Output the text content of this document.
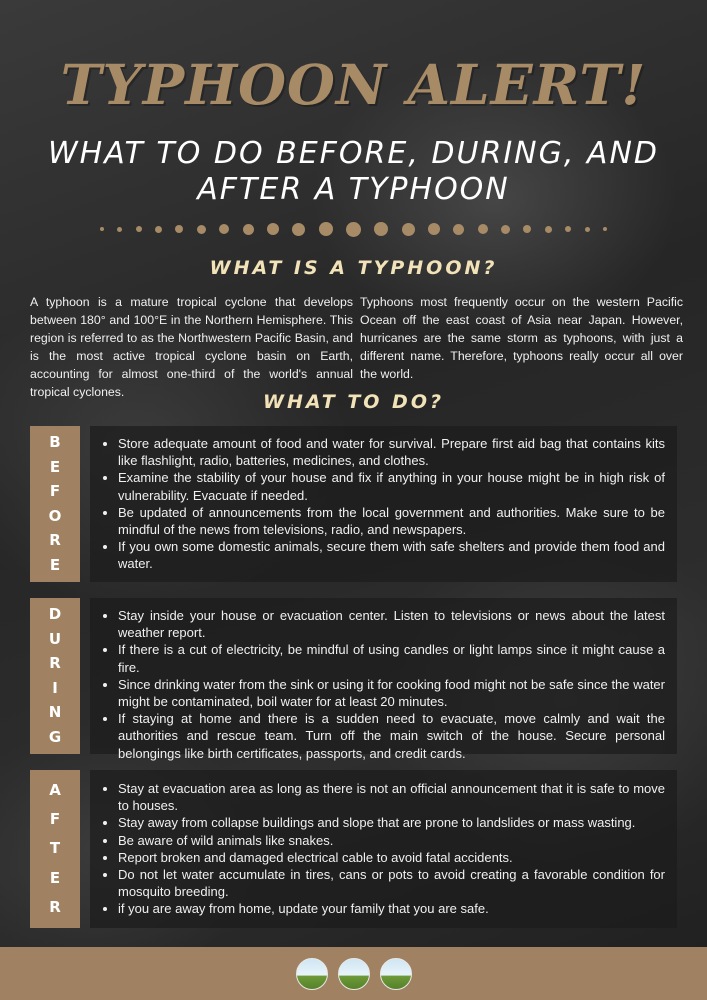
TYPHOON ALERT!
WHAT TO DO BEFORE, DURING, AND AFTER A TYPHOON
WHAT IS A TYPHOON?
A typhoon is a mature tropical cyclone that develops between 180° and 100°E in the Northern Hemisphere. This region is referred to as the Northwestern Pacific Basin, and is the most active tropical cyclone basin on Earth, accounting for almost one-third of the world's annual tropical cyclones.
Typhoons most frequently occur on the western Pacific Ocean off the east coast of Asia near Japan. However, hurricanes are the same storm as typhoons, with just a different name. Therefore, typhoons really occur all over the world.
WHAT TO DO?
B
E
F
O
R
E
• Store adequate amount of food and water for survival. Prepare first aid bag that contains kits like flashlight, radio, batteries, medicines, and clothes.
• Examine the stability of your house and fix if anything in your house might be in high risk of vulnerability. Evacuate if needed.
• Be updated of announcements from the local government and authorities. Make sure to be mindful of the news from televisions, radio, and newspapers.
• If you own some domestic animals, secure them with safe shelters and provide them food and water.
D
U
R
I
N
G
• Stay inside your house or evacuation center. Listen to televisions or news about the latest weather report.
• If there is a cut of electricity, be mindful of using candles or light lamps since it might cause a fire.
• Since drinking water from the sink or using it for cooking food might not be safe since the water might be contaminated, boil water for at least 20 minutes.
• If staying at home and there is a sudden need to evacuate, move calmly and wait the authorities and rescue team. Turn off the main switch of the house. Secure personal belongings like birth certificates, passports, and credit cards.
A
F
T
E
R
• Stay at evacuation area as long as there is not an official announcement that it is safe to move to houses.
• Stay away from collapse buildings and slope that are prone to landslides or mass wasting.
• Be aware of wild animals like snakes.
• Report broken and damaged electrical cable to avoid fatal accidents.
• Do not let water accumulate in tires, cans or pots to avoid creating a favorable condition for mosquito breeding.
• if you are away from home, update your family that you are safe.
